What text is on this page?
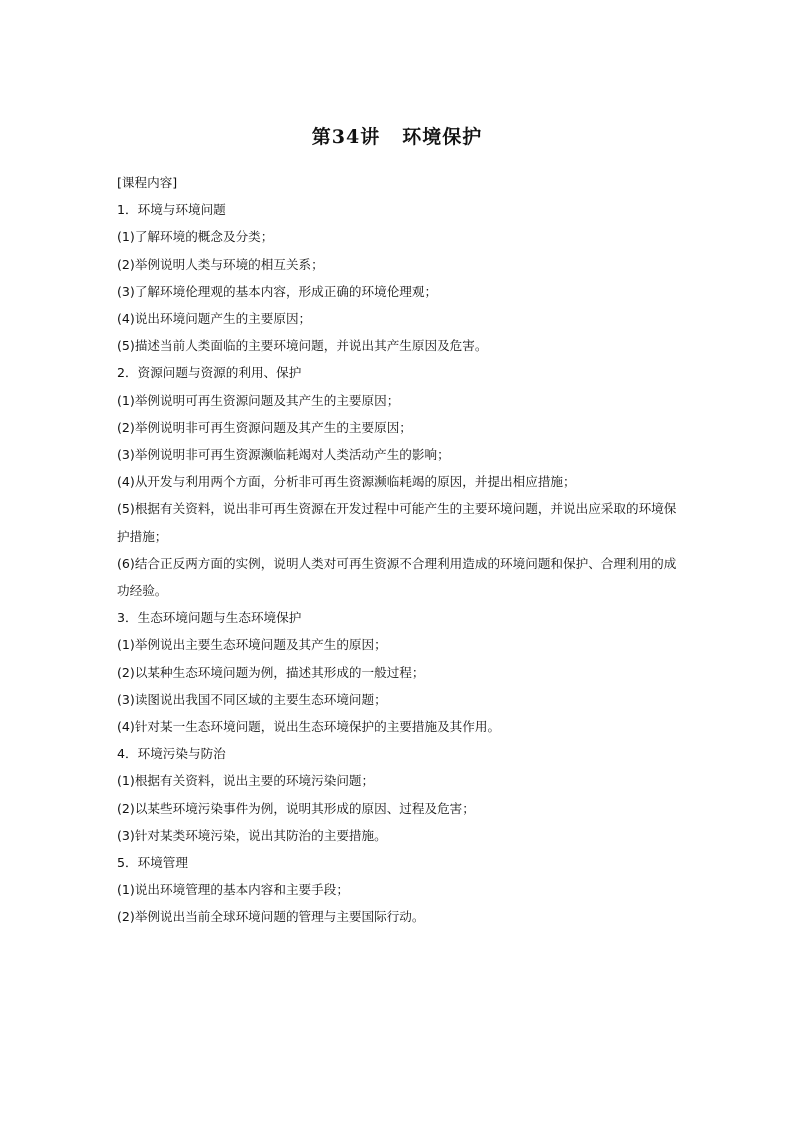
第34讲 环境保护
[课程内容]
1．环境与环境问题
(1)了解环境的概念及分类；
(2)举例说明人类与环境的相互关系；
(3)了解环境伦理观的基本内容，形成正确的环境伦理观；
(4)说出环境问题产生的主要原因；
(5)描述当前人类面临的主要环境问题，并说出其产生原因及危害。
2．资源问题与资源的利用、保护
(1)举例说明可再生资源问题及其产生的主要原因；
(2)举例说明非可再生资源问题及其产生的主要原因；
(3)举例说明非可再生资源濒临耗竭对人类活动产生的影响；
(4)从开发与利用两个方面，分析非可再生资源濒临耗竭的原因，并提出相应措施；
(5)根据有关资料，说出非可再生资源在开发过程中可能产生的主要环境问题，并说出应采取的环境保护措施；
(6)结合正反两方面的实例，说明人类对可再生资源不合理利用造成的环境问题和保护、合理利用的成功经验。
3．生态环境问题与生态环境保护
(1)举例说出主要生态环境问题及其产生的原因；
(2)以某种生态环境问题为例，描述其形成的一般过程；
(3)读图说出我国不同区域的主要生态环境问题；
(4)针对某一生态环境问题，说出生态环境保护的主要措施及其作用。
4．环境污染与防治
(1)根据有关资料，说出主要的环境污染问题；
(2)以某些环境污染事件为例，说明其形成的原因、过程及危害；
(3)针对某类环境污染，说出其防治的主要措施。
5．环境管理
(1)说出环境管理的基本内容和主要手段；
(2)举例说出当前全球环境问题的管理与主要国际行动。
